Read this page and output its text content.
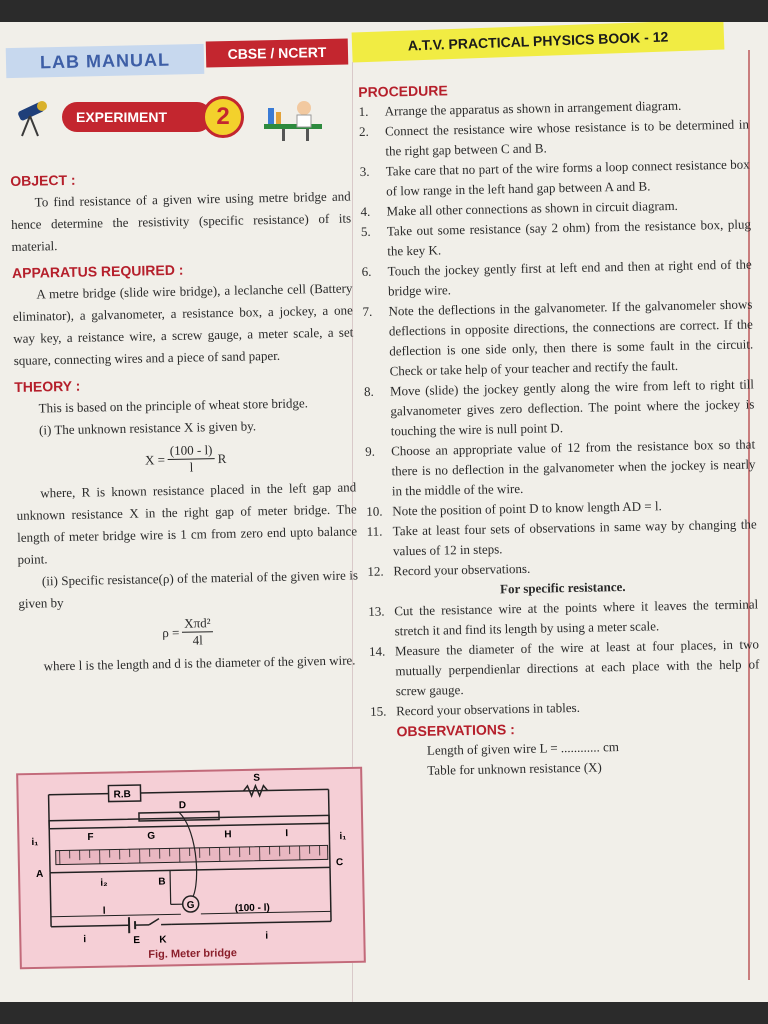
LAB MANUAL	CBSE / NCERT	A.T.V. PRACTICAL PHYSICS BOOK - 12
EXPERIMENT	2
OBJECT :

To find resistance of a given wire using metre bridge and hence determine the resistivity (specific resistance) of its material.

APPARATUS REQUIRED :

A metre bridge (slide wire bridge), a leclanche cell (Battery eliminator), a galvanometer, a resistance box, a jockey, a one way key, a reistance wire, a screw gauge, a meter scale, a set square, connecting wires and a piece of sand paper.

THEORY :

This is based on the principle of wheat store bridge.

(i) The unknown resistance X is given by.

$X = \frac{(100 - l)}{l}$ R

where, R is known resistance placed in the left gap and unknown resistance X in the right gap of meter bridge. The length of meter bridge wire is 1 cm from zero end upto balance point.

(ii) Specific resistance(ρ) of the material of the given wire is given by

$\rho = \frac{\text{Xπd²}}{4l}$

where l is the length and d is the diameter of the given wire.

R.B
S
D
F	G	H	I
A
C
i₁
i₁
i₂	B
G
E K
l	(100 - l)
i	i
Fig. Meter bridge
PROCEDURE
1. Arrange the apparatus as shown in arrangement diagram.
2. Connect the resistance wire whose resistance is to be determined in the right gap between C and B.
3. Take care that no part of the wire forms a loop connect resistance box of low range in the left hand gap between A and B.
4. Make all other connections as shown in circuit diagram.
5. Take out some resistance (say 2 ohm) from the resistance box, plug the key K.
6. Touch the jockey gently first at left end and then at right end of the bridge wire.
7. Note the deflections in the galvanometer. If the galvanomeler shows deflections in opposite directions, the connections are correct. If the deflection is one side only, then there is some fault in the circuit. Check or take help of your teacher and rectify the fault.
8. Move (slide) the jockey gently along the wire from left to right till galvanometer gives zero deflection. The point where the jockey is touching the wire is null point D.
9. Choose an appropriate value of 12 from the resistance box so that there is no deflection in the galvanometer when the jockey is nearly in the middle of the wire.
10. Note the position of point D to know length AD = l.
11. Take at least four sets of observations in same way by changing the values of 12 in steps.
12. Record your observations.
For specific resistance.
13. Cut the resistance wire at the points where it leaves the terminal stretch it and find its length by using a meter scale.
14. Measure the diameter of the wire at least at four places, in two mutually perpendienlar directions at each place with the help of screw gauge.
15. Record your observations in tables.
OBSERVATIONS :

Length of given wire L = ............ cm

Table for unknown resistance (X)
